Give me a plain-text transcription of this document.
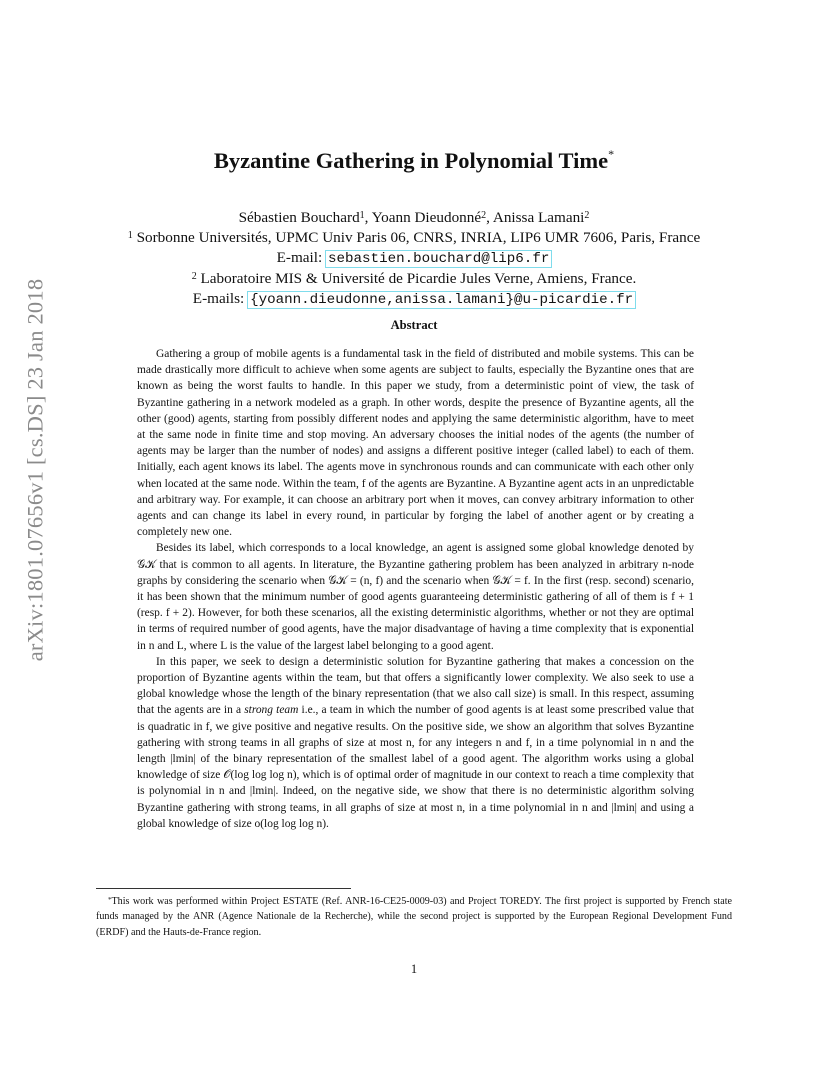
arXiv:1801.07656v1 [cs.DS] 23 Jan 2018
Byzantine Gathering in Polynomial Time*
Sébastien Bouchard$^1$, Yoann Dieudonné$^2$, Anissa Lamani$^2$
$^1$ Sorbonne Universités, UPMC Univ Paris 06, CNRS, INRIA, LIP6 UMR 7606, Paris, France
E-mail: sebastien.bouchard@lip6.fr
$^2$ Laboratoire MIS & Université de Picardie Jules Verne, Amiens, France.
E-mails: {yoann.dieudonne,anissa.lamani}@u-picardie.fr
Abstract

Gathering a group of mobile agents is a fundamental task in the field of distributed and mobile systems. This can be made drastically more difficult to achieve when some agents are subject to faults, especially the Byzantine ones that are known as being the worst faults to handle. In this paper we study, from a deterministic point of view, the task of Byzantine gathering in a network modeled as a graph. In other words, despite the presence of Byzantine agents, all the other (good) agents, starting from possibly different nodes and applying the same deterministic algorithm, have to meet at the same node in finite time and stop moving. An adversary chooses the initial nodes of the agents (the number of agents may be larger than the number of nodes) and assigns a different positive integer (called label) to each of them. Initially, each agent knows its label. The agents move in synchronous rounds and can communicate with each other only when located at the same node. Within the team, f of the agents are Byzantine. A Byzantine agent acts in an unpredictable and arbitrary way. For example, it can choose an arbitrary port when it moves, can convey arbitrary information to other agents and can change its label in every round, in particular by forging the label of another agent or by creating a completely new one.

Besides its label, which corresponds to a local knowledge, an agent is assigned some global knowledge denoted by 𝒢𝒦 that is common to all agents. In literature, the Byzantine gathering problem has been analyzed in arbitrary n-node graphs by considering the scenario when 𝒢𝒦 = (n, f) and the scenario when 𝒢𝒦 = f. In the first (resp. second) scenario, it has been shown that the minimum number of good agents guaranteeing deterministic gathering of all of them is f + 1 (resp. f + 2). However, for both these scenarios, all the existing deterministic algorithms, whether or not they are optimal in terms of required number of good agents, have the major disadvantage of having a time complexity that is exponential in n and L, where L is the value of the largest label belonging to a good agent.

In this paper, we seek to design a deterministic solution for Byzantine gathering that makes a concession on the proportion of Byzantine agents within the team, but that offers a significantly lower complexity. We also seek to use a global knowledge whose the length of the binary representation (that we also call size) is small. In this respect, assuming that the agents are in a strong team i.e., a team in which the number of good agents is at least some prescribed value that is quadratic in f, we give positive and negative results. On the positive side, we show an algorithm that solves Byzantine gathering with strong teams in all graphs of size at most n, for any integers n and f, in a time polynomial in n and the length |lmin| of the binary representation of the smallest label of a good agent. The algorithm works using a global knowledge of size 𝒪(log log log n), which is of optimal order of magnitude in our context to reach a time complexity that is polynomial in n and |lmin|. Indeed, on the negative side, we show that there is no deterministic algorithm solving Byzantine gathering with strong teams, in all graphs of size at most n, in a time polynomial in n and |lmin| and using a global knowledge of size o(log log log n).

*This work was performed within Project ESTATE (Ref. ANR-16-CE25-0009-03) and Project TOREDY. The first project is supported by French state funds managed by the ANR (Agence Nationale de la Recherche), while the second project is supported by the European Regional Development Fund (ERDF) and the Hauts-de-France region.
1
